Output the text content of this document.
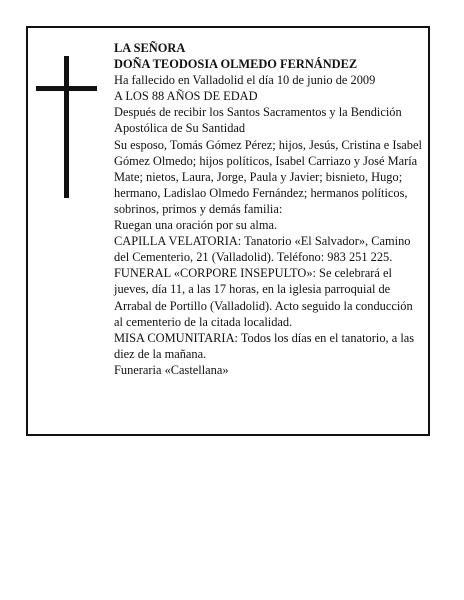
LA SEÑORA

DOÑA TEODOSIA OLMEDO FERNÁNDEZ

Ha fallecido en Valladolid el día 10 de junio de 2009

A LOS 88 AÑOS DE EDAD

Después de recibir los Santos Sacramentos y la Bendición Apostólica de Su Santidad

Su esposo, Tomás Gómez Pérez; hijos, Jesús, Cristina e Isabel Gómez Olmedo; hijos políticos, Isabel Carriazo y José María Mate; nietos, Laura, Jorge, Paula y Javier; bisnieto, Hugo; hermano, Ladislao Olmedo Fernández; hermanos políticos, sobrinos, primos y demás familia:

Ruegan una oración por su alma.

CAPILLA VELATORIA: Tanatorio «El Salvador», Camino del Cementerio, 21 (Valladolid). Teléfono: 983 251 225.

FUNERAL «CORPORE INSEPULTO»: Se celebrará el jueves, día 11, a las 17 horas, en la iglesia parroquial de Arrabal de Portillo (Valladolid). Acto seguido la conducción al cementerio de la citada localidad.

MISA COMUNITARIA: Todos los días en el tanatorio, a las diez de la mañana.

Funeraria «Castellana»
